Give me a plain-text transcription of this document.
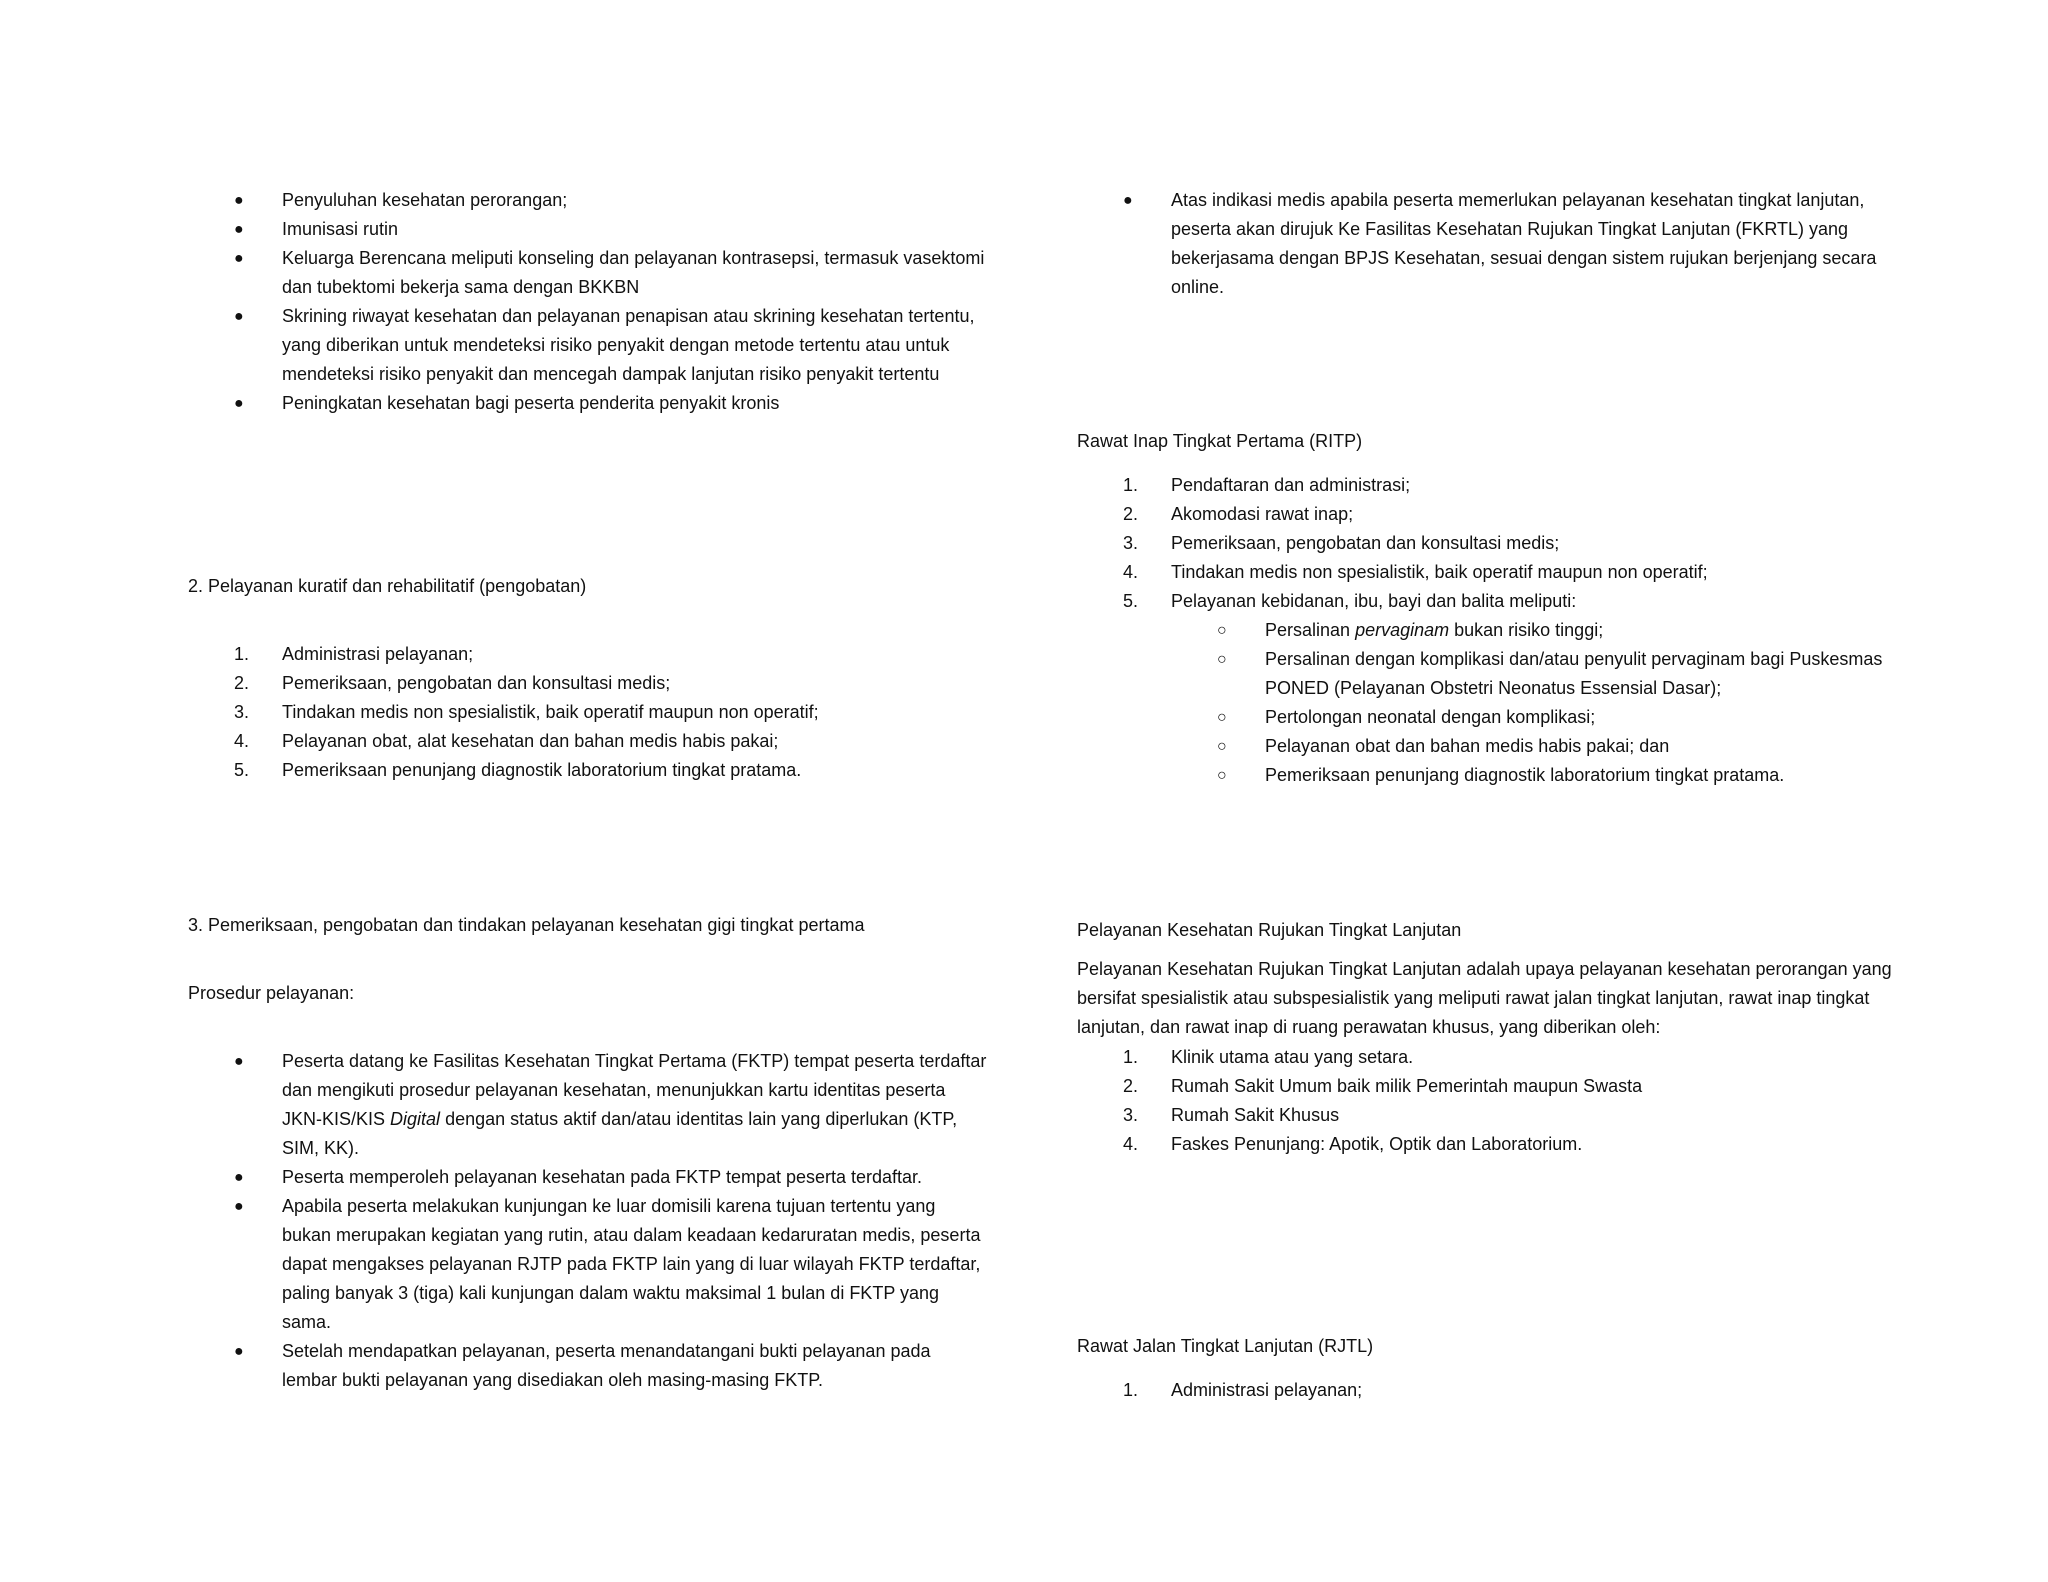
●	Penyuluhan kesehatan perorangan;
●	Imunisasi rutin
●	Keluarga Berencana meliputi konseling dan pelayanan kontrasepsi, termasuk vasektomi dan tubektomi bekerja sama dengan BKKBN
●	Skrining riwayat kesehatan dan pelayanan penapisan atau skrining kesehatan tertentu, yang diberikan untuk mendeteksi risiko penyakit dengan metode tertentu atau untuk mendeteksi risiko penyakit dan mencegah dampak lanjutan risiko penyakit tertentu
●	Peningkatan kesehatan bagi peserta penderita penyakit kronis

2. Pelayanan kuratif dan rehabilitatif (pengobatan)

1.	Administrasi pelayanan;
2.	Pemeriksaan, pengobatan dan konsultasi medis;
3.	Tindakan medis non spesialistik, baik operatif maupun non operatif;
4.	Pelayanan obat, alat kesehatan dan bahan medis habis pakai;
5.	Pemeriksaan penunjang diagnostik laboratorium tingkat pratama.

3. Pemeriksaan, pengobatan dan tindakan pelayanan kesehatan gigi tingkat pertama

Prosedur pelayanan:

●	Peserta datang ke Fasilitas Kesehatan Tingkat Pertama (FKTP) tempat peserta terdaftar dan mengikuti prosedur pelayanan kesehatan, menunjukkan kartu identitas peserta JKN-KIS/KIS Digital dengan status aktif dan/atau identitas lain yang diperlukan (KTP, SIM, KK).
●	Peserta memperoleh pelayanan kesehatan pada FKTP tempat peserta terdaftar.
●	Apabila peserta melakukan kunjungan ke luar domisili karena tujuan tertentu yang bukan merupakan kegiatan yang rutin, atau dalam keadaan kedaruratan medis, peserta dapat mengakses pelayanan RJTP pada FKTP lain yang di luar wilayah FKTP terdaftar, paling banyak 3 (tiga) kali kunjungan dalam waktu maksimal 1 bulan di FKTP yang sama.
●	Setelah mendapatkan pelayanan, peserta menandatangani bukti pelayanan pada lembar bukti pelayanan yang disediakan oleh masing-masing FKTP.
●	Atas indikasi medis apabila peserta memerlukan pelayanan kesehatan tingkat lanjutan, peserta akan dirujuk Ke Fasilitas Kesehatan Rujukan Tingkat Lanjutan (FKRTL) yang bekerjasama dengan BPJS Kesehatan, sesuai dengan sistem rujukan berjenjang secara online.

Rawat Inap Tingkat Pertama (RITP)

1.	Pendaftaran dan administrasi;
2.	Akomodasi rawat inap;
3.	Pemeriksaan, pengobatan dan konsultasi medis;
4.	Tindakan medis non spesialistik, baik operatif maupun non operatif;
5.	Pelayanan kebidanan, ibu, bayi dan balita meliputi:
○	Persalinan pervaginam bukan risiko tinggi;
○	Persalinan dengan komplikasi dan/atau penyulit pervaginam bagi Puskesmas PONED (Pelayanan Obstetri Neonatus Essensial Dasar);
○	Pertolongan neonatal dengan komplikasi;
○	Pelayanan obat dan bahan medis habis pakai; dan
○	Pemeriksaan penunjang diagnostik laboratorium tingkat pratama.

Pelayanan Kesehatan Rujukan Tingkat Lanjutan

Pelayanan Kesehatan Rujukan Tingkat Lanjutan adalah upaya pelayanan kesehatan perorangan yang bersifat spesialistik atau subspesialistik yang meliputi rawat jalan tingkat lanjutan, rawat inap tingkat lanjutan, dan rawat inap di ruang perawatan khusus, yang diberikan oleh:

1.	Klinik utama atau yang setara.
2.	Rumah Sakit Umum baik milik Pemerintah maupun Swasta
3.	Rumah Sakit Khusus
4.	Faskes Penunjang: Apotik, Optik dan Laboratorium.

Rawat Jalan Tingkat Lanjutan (RJTL)

1.	Administrasi pelayanan;
